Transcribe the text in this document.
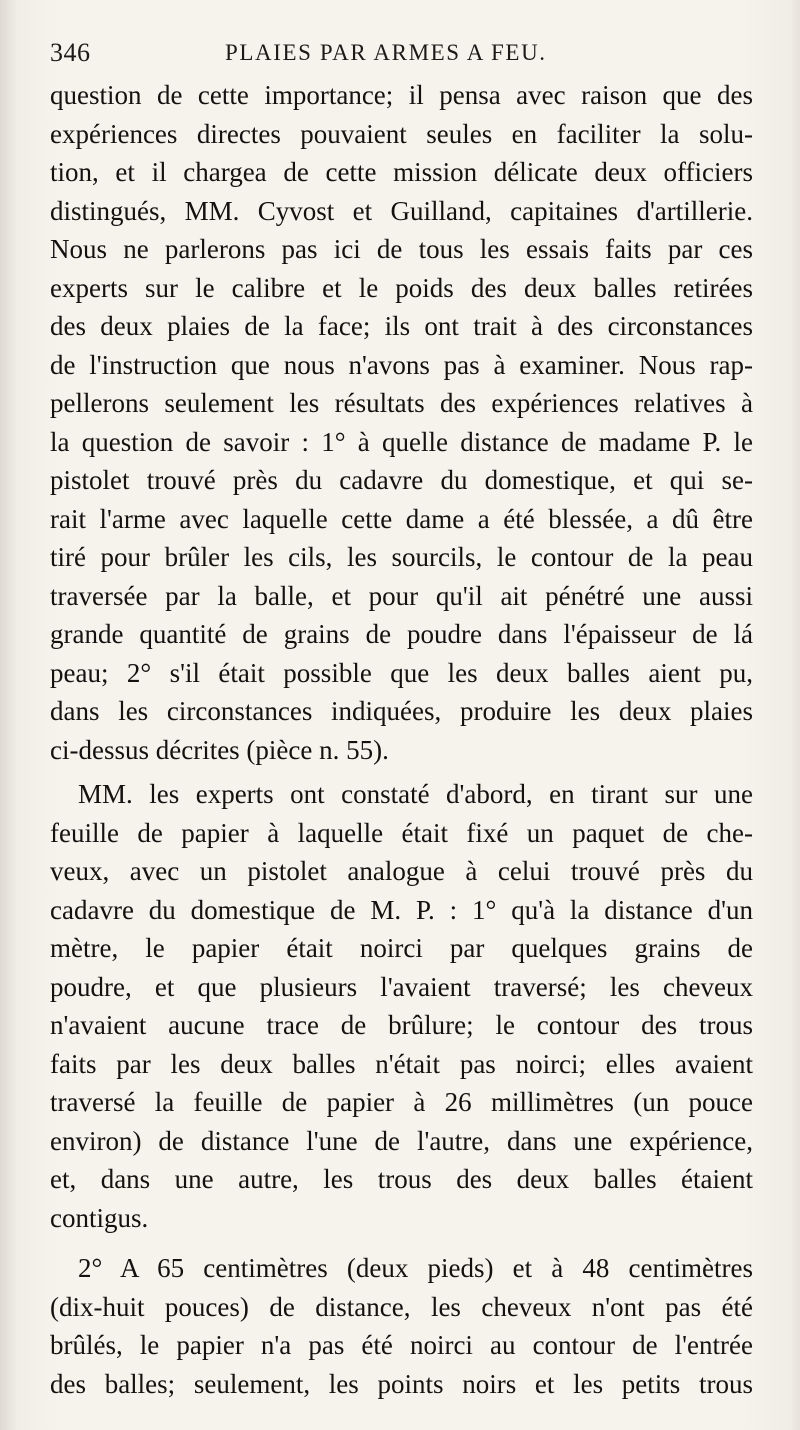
346	PLAIES PAR ARMES A FEU.
question de cette importance; il pensa avec raison que des
expériences directes pouvaient seules en faciliter la solu-
tion, et il chargea de cette mission délicate deux officiers
distingués, MM. Cyvost et Guilland, capitaines d'artillerie.
Nous ne parlerons pas ici de tous les essais faits par ces
experts sur le calibre et le poids des deux balles retirées
des deux plaies de la face; ils ont trait à des circonstances
de l'instruction que nous n'avons pas à examiner. Nous rap-
pellerons seulement les résultats des expériences relatives à
la question de savoir : 1° à quelle distance de madame P. le
pistolet trouvé près du cadavre du domestique, et qui se-
rait l'arme avec laquelle cette dame a été blessée, a dû être
tiré pour brûler les cils, les sourcils, le contour de la peau
traversée par la balle, et pour qu'il ait pénétré une aussi
grande quantité de grains de poudre dans l'épaisseur de lá
peau; 2° s'il était possible que les deux balles aient pu,
dans les circonstances indiquées, produire les deux plaies
ci-dessus décrites (pièce n. 55).
MM. les experts ont constaté d'abord, en tirant sur une
feuille de papier à laquelle était fixé un paquet de che-
veux, avec un pistolet analogue à celui trouvé près du
cadavre du domestique de M. P. : 1° qu'à la distance d'un
mètre, le papier était noirci par quelques grains de
poudre, et que plusieurs l'avaient traversé; les cheveux
n'avaient aucune trace de brûlure; le contour des trous
faits par les deux balles n'était pas noirci; elles avaient
traversé la feuille de papier à 26 millimètres (un pouce
environ) de distance l'une de l'autre, dans une expérience,
et, dans une autre, les trous des deux balles étaient
contigus.
2° A 65 centimètres (deux pieds) et à 48 centimètres
(dix-huit pouces) de distance, les cheveux n'ont pas été
brûlés, le papier n'a pas été noirci au contour de l'entrée
des balles; seulement, les points noirs et les petits trous
